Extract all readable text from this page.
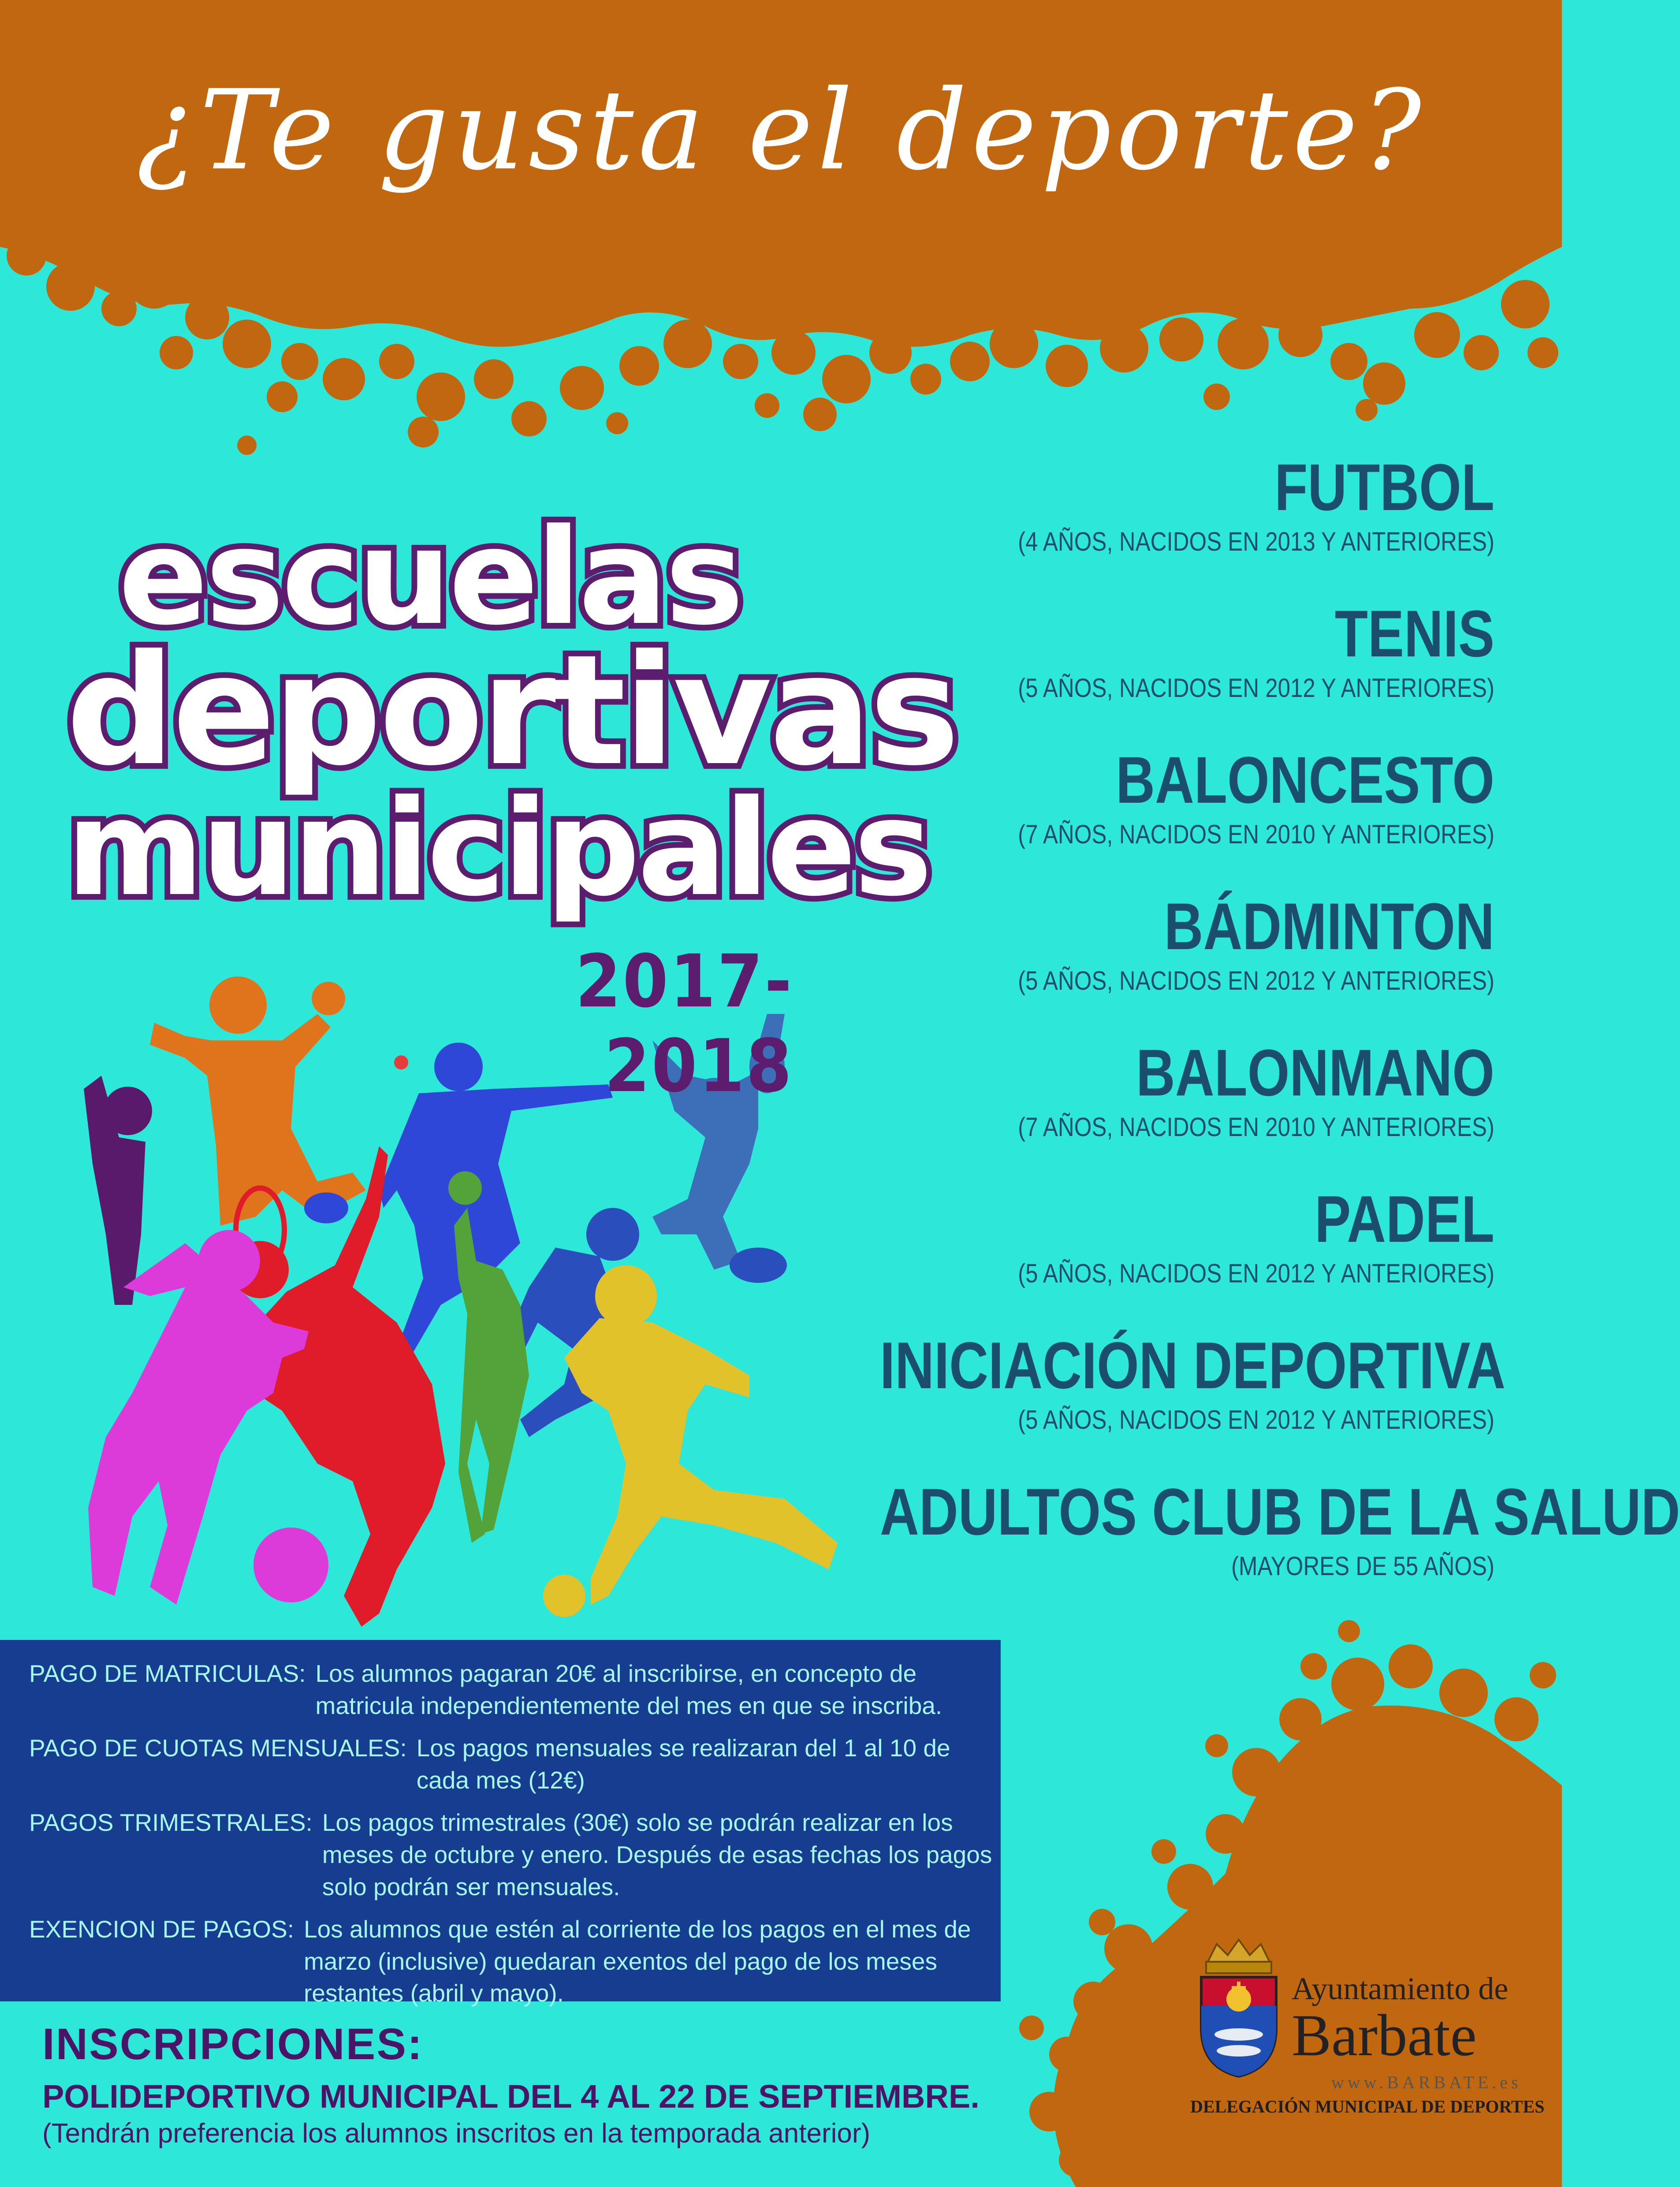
¿Te gusta el deporte?
escuelas
deportivas
municipales
2017-2018
FUTBOL
(4 AÑOS, NACIDOS EN 2013 Y ANTERIORES)
TENIS
(5 AÑOS, NACIDOS EN 2012 Y ANTERIORES)
BALONCESTO
(7 AÑOS, NACIDOS EN 2010 Y ANTERIORES)
BÁDMINTON
(5 AÑOS, NACIDOS EN 2012 Y ANTERIORES)
BALONMANO
(7 AÑOS, NACIDOS EN 2010 Y ANTERIORES)
PADEL
(5 AÑOS, NACIDOS EN 2012 Y ANTERIORES)
INICIACIÓN DEPORTIVA
(5 AÑOS, NACIDOS EN 2012 Y ANTERIORES)
ADULTOS CLUB DE LA SALUD
(MAYORES DE 55 AÑOS)
PAGO DE MATRICULAS: Los alumnos pagaran 20€ al inscribirse, en concepto de matricula independientemente del mes en que se inscriba.
PAGO DE CUOTAS MENSUALES: Los pagos mensuales se realizaran del 1 al 10 de cada mes (12€)
PAGOS TRIMESTRALES: Los pagos trimestrales (30€) solo se podrán realizar en los meses de octubre y enero. Después de esas fechas los pagos solo podrán ser mensuales.
EXENCION DE PAGOS: Los alumnos que estén al corriente de los pagos en el mes de marzo (inclusive) quedaran exentos del pago de los meses restantes (abril y mayo).
INSCRIPCIONES:
POLIDEPORTIVO MUNICIPAL DEL 4 AL 22 DE SEPTIEMBRE.
(Tendrán preferencia los alumnos inscritos en la temporada anterior)
Ayuntamiento de
Barbate
www.BARBATE.es
DELEGACIÓN MUNICIPAL DE DEPORTES
